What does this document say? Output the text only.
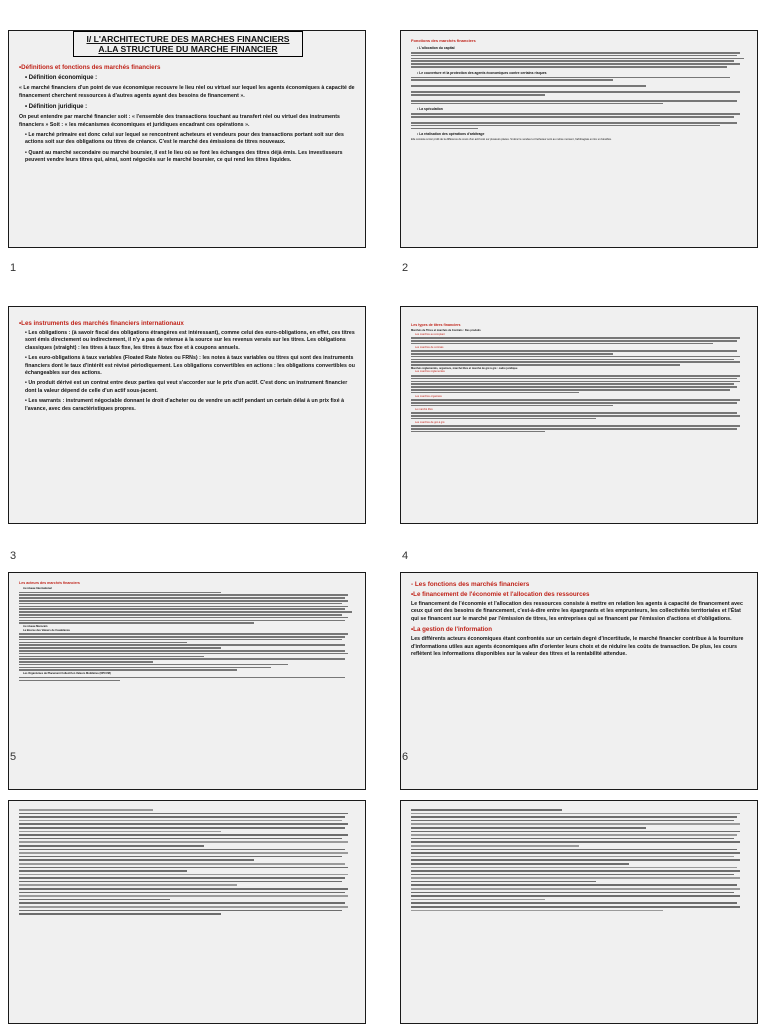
I/ L'ARCHITECTURE DES MARCHES FINANCIERS
A.LA STRUCTURE DU MARCHE FINANCIER
•Définitions et fonctions des marchés financiers
• Définition économique :
« Le marché financiers d'un point de vue économique recouvre le lieu réel ou virtuel sur lequel les agents économiques à capacité de financement cherchent ressources à d'autres agents ayant des besoins de financement ».
• Définition juridique :
On peut entendre par marché financier soit : « l'ensemble des transactions touchant au transfert réel ou virtuel des instruments financiers » Soit : « les mécanismes économiques et juridiques encadrant ces opérations ».
• Le marché primaire est donc celui sur lequel se rencontrent acheteurs et vendeurs pour des transactions portant soit sur des actions soit sur des obligations ou titres de créance. C'est le marché des émissions de titres nouveaux.
• Quant au marché secondaire ou marché boursier, il est le lieu où se font les échanges des titres déjà émis. Les investisseurs peuvent vendre leurs titres qui, ainsi, sont négociés sur le marché boursier, ce qui rend les titres liquides.
1
Fonctions des marchés financiers
• L'allocation du capital
• Le couverture et la protection des agents économiques contre certains risques
• La spéculation
• La réalisation des opérations d'arbitrage
Elle consiste à tirer profit de la différence de cours d'un actif coté sur plusieurs places. Si donc le vendeur et l'acheteur sont au même moment, l'arbitragiste en tire un bénéfice.
2
•Les instruments des marchés financiers internationaux
• Les obligations : (à savoir fiscal des obligations étrangères est intéressant), comme celui des euro-obligations, en effet, ces titres sont émis directement ou indirectement, il n'y a pas de retenue à la source sur les revenus versés sur les titres. Les obligations classiques (straight) : les titres à taux fixe, les titres à taux fixe et à coupons annuels.
• Les euro-obligations à taux variables (Floated Rate Notes ou FRNs) : les notes à taux variables ou titres qui sont des instruments financiers dont le taux d'intérêt est révisé périodiquement. Les obligations convertibles en actions : les obligations convertibles ou échangeables sur des actions.
• Un produit dérivé est un contrat entre deux parties qui veut s'accorder sur le prix d'un actif. C'est donc un instrument financier dont la valeur dépend de celle d'un actif sous-jacent.
• Les warrants : instrument négociable donnant le droit d'acheter ou de vendre un actif pendant un certain délai à un prix fixé à l'avance, avec des caractéristiques propres.
3
Les types de titres financiers
Marchés de Titres et marchés de Contrats : Des produits
Les marchés au comptant
Les marchés de contrats
Marchés réglementés, organisés, marché libre et marché de gré à gré : cadre juridique
Les marchés réglementés
Les marchés organisés
Le marché libre
Les marchés de gré à gré
4
Les acteurs des marchés financiers
Au niveau International
Au niveau Marocain
La Bourse des Valeurs de Casablanca
Les Organismes de Placement Collectif en Valeurs Mobilières (OPCVM)
5
- Les fonctions des marchés financiers
•Le financement de l'économie et l'allocation des ressources
Le financement de l'économie et l'allocation des ressources consiste à mettre en relation les agents à capacité de financement avec ceux qui ont des besoins de financement, c'est-à-dire entre les épargnants et les emprunteurs, les collectivités territoriales et l'État qui se financent sur le marché par l'émission de titres, les entreprises qui se financent par l'émission d'actions et d'obligations.
•La gestion de l'information
Les différents acteurs économiques étant confrontés sur un certain degré d'incertitude, le marché financier contribue à la fourniture d'informations utiles aux agents économiques afin d'orienter leurs choix et de réduire les coûts de transaction. De plus, les cours reflètent les informations disponibles sur la valeur des titres et la rentabilité attendue.
6
